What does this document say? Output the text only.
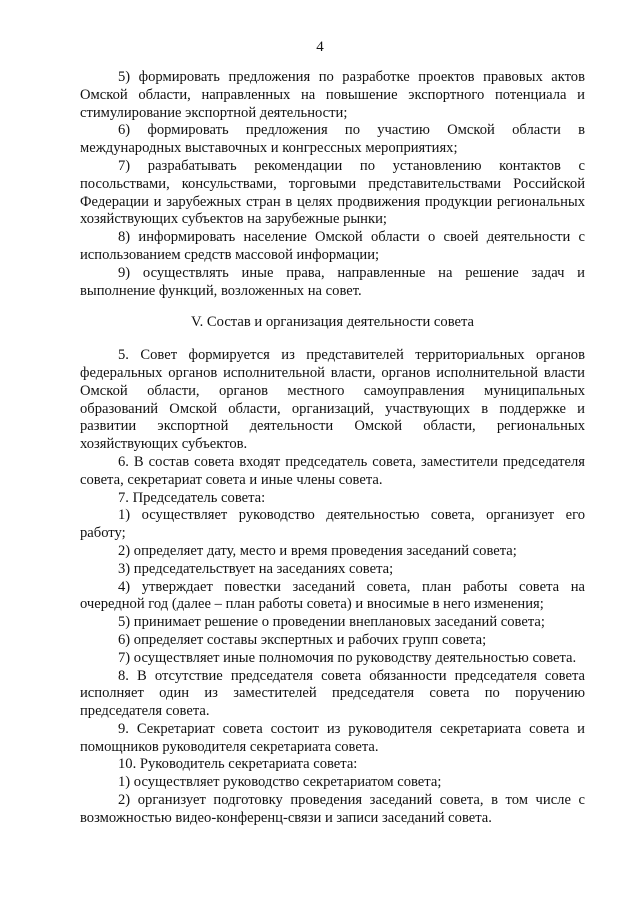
4

5) формировать предложения по разработке проектов правовых актов Омской области, направленных на повышение экспортного потенциала и стимулирование экспортной деятельности;

6) формировать предложения по участию Омской области в международных выставочных и конгрессных мероприятиях;

7) разрабатывать рекомендации по установлению контактов с посольствами, консульствами, торговыми представительствами Российской Федерации и зарубежных стран в целях продвижения продукции региональных хозяйствующих субъектов на зарубежные рынки;

8) информировать население Омской области о своей деятельности с использованием средств массовой информации;

9) осуществлять иные права, направленные на решение задач и выполнение функций, возложенных на совет.

V. Состав и организация деятельности совета

5. Совет формируется из представителей территориальных органов федеральных органов исполнительной власти, органов исполнительной власти Омской области, органов местного самоуправления муниципальных образований Омской области, организаций, участвующих в поддержке и развитии экспортной деятельности Омской области, региональных хозяйствующих субъектов.

6. В состав совета входят председатель совета, заместители председателя совета, секретариат совета и иные члены совета.

7. Председатель совета:

1) осуществляет руководство деятельностью совета, организует его работу;

2) определяет дату, место и время проведения заседаний совета;

3) председательствует на заседаниях совета;

4) утверждает повестки заседаний совета, план работы совета на очередной год (далее – план работы совета) и вносимые в него изменения;

5) принимает решение о проведении внеплановых заседаний совета;

6) определяет составы экспертных и рабочих групп совета;

7) осуществляет иные полномочия по руководству деятельностью совета.

8. В отсутствие председателя совета обязанности председателя совета исполняет один из заместителей председателя совета по поручению председателя совета.

9. Секретариат совета состоит из руководителя секретариата совета и помощников руководителя секретариата совета.

10. Руководитель секретариата совета:

1) осуществляет руководство секретариатом совета;

2) организует подготовку проведения заседаний совета, в том числе с возможностью видео-конференц-связи и записи заседаний совета.
